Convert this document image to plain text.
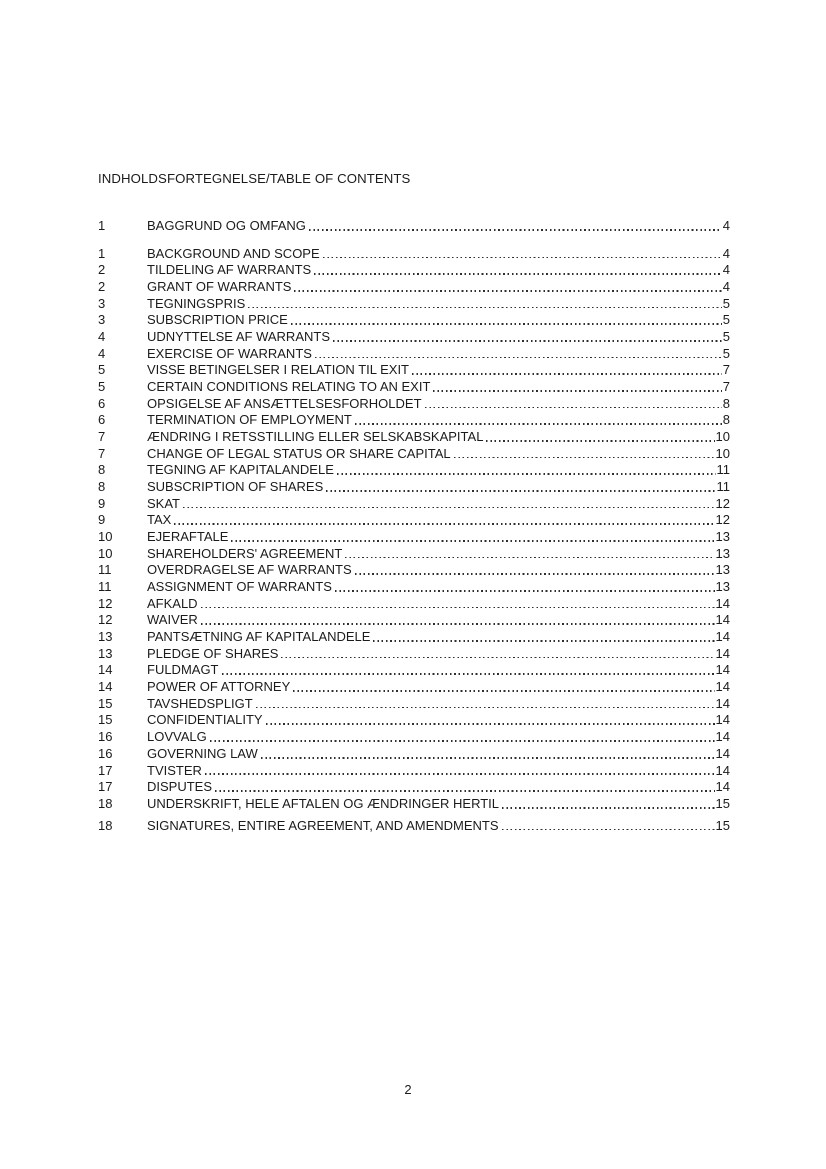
INDHOLDSFORTEGNELSE/TABLE OF CONTENTS
1	BAGGRUND OG OMFANG	4
1	BACKGROUND AND SCOPE	4
2	TILDELING AF WARRANTS	4
2	GRANT OF WARRANTS	4
3	TEGNINGSPRIS	5
3	SUBSCRIPTION PRICE	5
4	UDNYTTELSE AF WARRANTS	5
4	EXERCISE OF WARRANTS	5
5	VISSE BETINGELSER I RELATION TIL EXIT	7
5	CERTAIN CONDITIONS RELATING TO AN EXIT	7
6	OPSIGELSE AF ANSÆTTELSESFORHOLDET	8
6	TERMINATION OF EMPLOYMENT	8
7	ÆNDRING I RETSSTILLING ELLER SELSKABSKAPITAL	10
7	CHANGE OF LEGAL STATUS OR SHARE CAPITAL	10
8	TEGNING AF KAPITALANDELE	11
8	SUBSCRIPTION OF SHARES	11
9	SKAT	12
9	TAX	12
10	EJERAFTALE	13
10	SHAREHOLDERS' AGREEMENT	13
11	OVERDRAGELSE AF WARRANTS	13
11	ASSIGNMENT OF WARRANTS	13
12	AFKALD	14
12	WAIVER	14
13	PANTSÆTNING AF KAPITALANDELE	14
13	PLEDGE OF SHARES	14
14	FULDMAGT	14
14	POWER OF ATTORNEY	14
15	TAVSHEDSPLIGT	14
15	CONFIDENTIALITY	14
16	LOVVALG	14
16	GOVERNING LAW	14
17	TVISTER	14
17	DISPUTES	14
18	UNDERSKRIFT, HELE AFTALEN OG ÆNDRINGER HERTIL	15
18	SIGNATURES, ENTIRE AGREEMENT, AND AMENDMENTS	15
2
